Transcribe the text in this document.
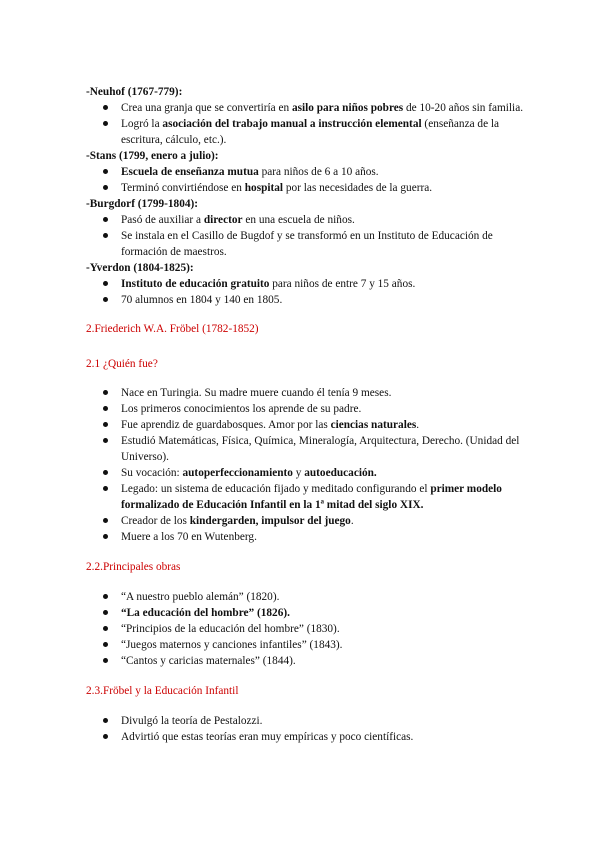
-Neuhof (1767-779):
Crea una granja que se convertiría en asilo para niños pobres de 10-20 años sin familia.
Logró la asociación del trabajo manual a instrucción elemental (enseñanza de la escritura, cálculo, etc.).
-Stans (1799, enero a julio):
Escuela de enseñanza mutua para niños de 6 a 10 años.
Terminó convirtiéndose en hospital por las necesidades de la guerra.
-Burgdorf (1799-1804):
Pasó de auxiliar a director en una escuela de niños.
Se instala en el Casillo de Bugdof y se transformó en un Instituto de Educación de formación de maestros.
-Yverdon (1804-1825):
Instituto de educación gratuito para niños de entre 7 y 15 años.
70 alumnos en 1804 y 140 en 1805.
2.Friederich W.A. Fröbel (1782-1852)
2.1 ¿Quién fue?
Nace en Turingia. Su madre muere cuando él tenía 9 meses.
Los primeros conocimientos los aprende de su padre.
Fue aprendiz de guardabosques. Amor por las ciencias naturales.
Estudió Matemáticas, Física, Química, Mineralogía, Arquitectura, Derecho. (Unidad del Universo).
Su vocación: autoperfeccionamiento y autoeducación.
Legado: un sistema de educación fijado y meditado configurando el primer modelo formalizado de Educación Infantil en la 1ª mitad del siglo XIX.
Creador de los kindergarden, impulsor del juego.
Muere a los 70 en Wutenberg.
2.2.Principales obras
“A nuestro pueblo alemán” (1820).
“La educación del hombre” (1826).
“Principios de la educación del hombre” (1830).
“Juegos maternos y canciones infantiles” (1843).
“Cantos y caricias maternales” (1844).
2.3.Fröbel y la Educación Infantil
Divulgó la teoría de Pestalozzi.
Advirtió que estas teorías eran muy empíricas y poco científicas.
